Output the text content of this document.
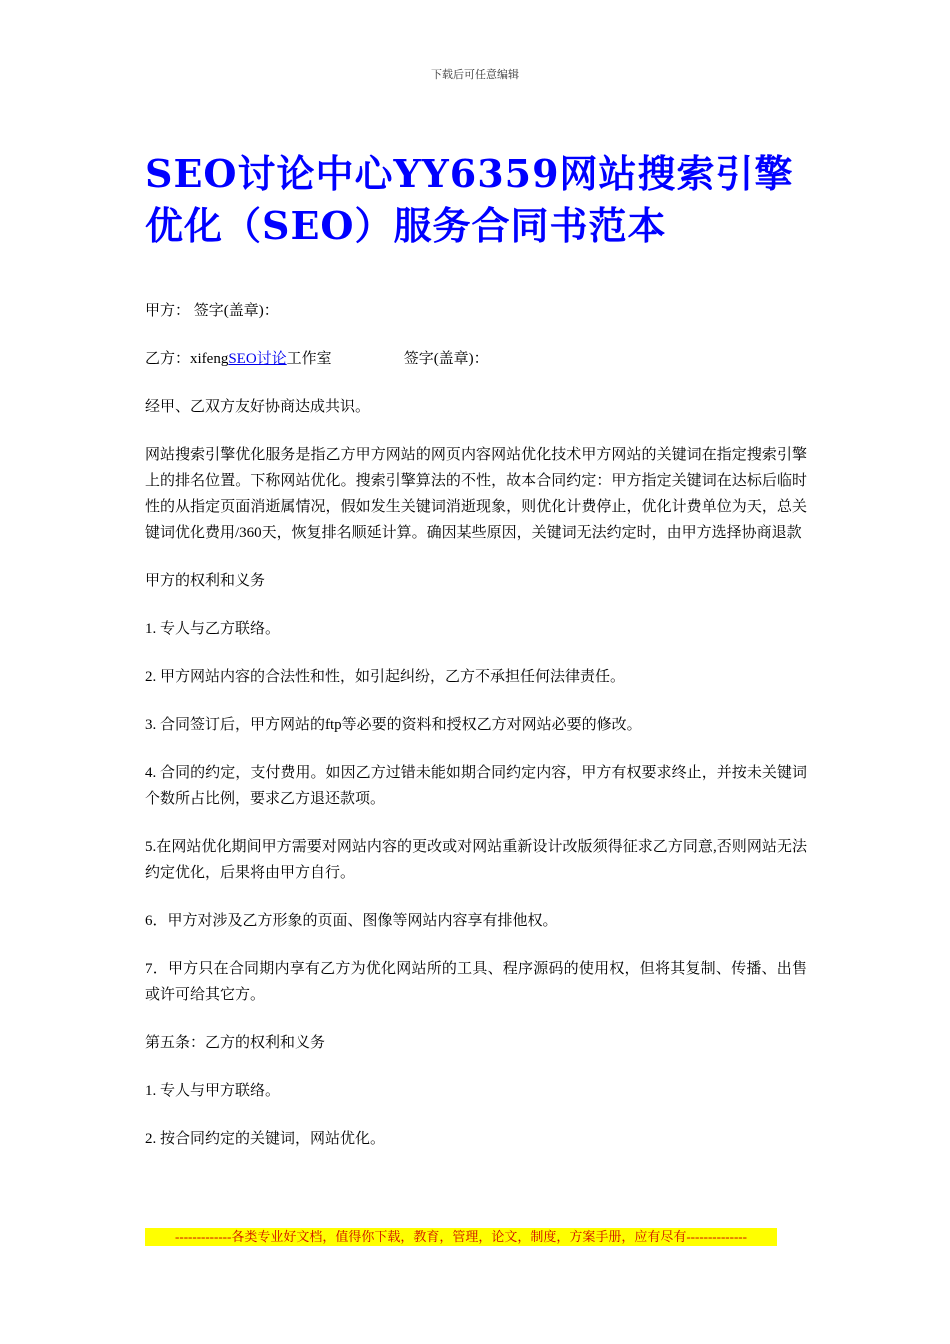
下载后可任意编辑
SEO讨论中心YY6359网站搜索引擎优化（SEO）服务合同书范本

甲方： 签字(盖章)：

乙方：xifengSEO讨论工作室	签字(盖章)：

经甲、乙双方友好协商达成共识。

网站搜索引擎优化服务是指乙方甲方网站的网页内容网站优化技术甲方网站的关键词在指定搜索引擎上的排名位置。下称网站优化。搜索引擎算法的不性，故本合同约定：甲方指定关键词在达标后临时性的从指定页面消逝属情况，假如发生关键词消逝现象，则优化计费停止，优化计费单位为天，总关键词优化费用/360天，恢复排名顺延计算。确因某些原因，关键词无法约定时，由甲方选择协商退款

甲方的权利和义务

1. 专人与乙方联络。

2. 甲方网站内容的合法性和性，如引起纠纷，乙方不承担任何法律责任。

3. 合同签订后，甲方网站的ftp等必要的资料和授权乙方对网站必要的修改。

4. 合同的约定，支付费用。如因乙方过错未能如期合同约定内容，甲方有权要求终止，并按未关键词个数所占比例，要求乙方退还款项。

5.在网站优化期间甲方需要对网站内容的更改或对网站重新设计改版须得征求乙方同意,否则网站无法约定优化，后果将由甲方自行。

6．甲方对涉及乙方形象的页面、图像等网站内容享有排他权。

7．甲方只在合同期内享有乙方为优化网站所的工具、程序源码的使用权，但将其复制、传播、出售或许可给其它方。

第五条：乙方的权利和义务

1. 专人与甲方联络。

2. 按合同约定的关键词，网站优化。

-------------各类专业好文档，值得你下载，教育，管理，论文，制度，方案手册，应有尽有--------------
